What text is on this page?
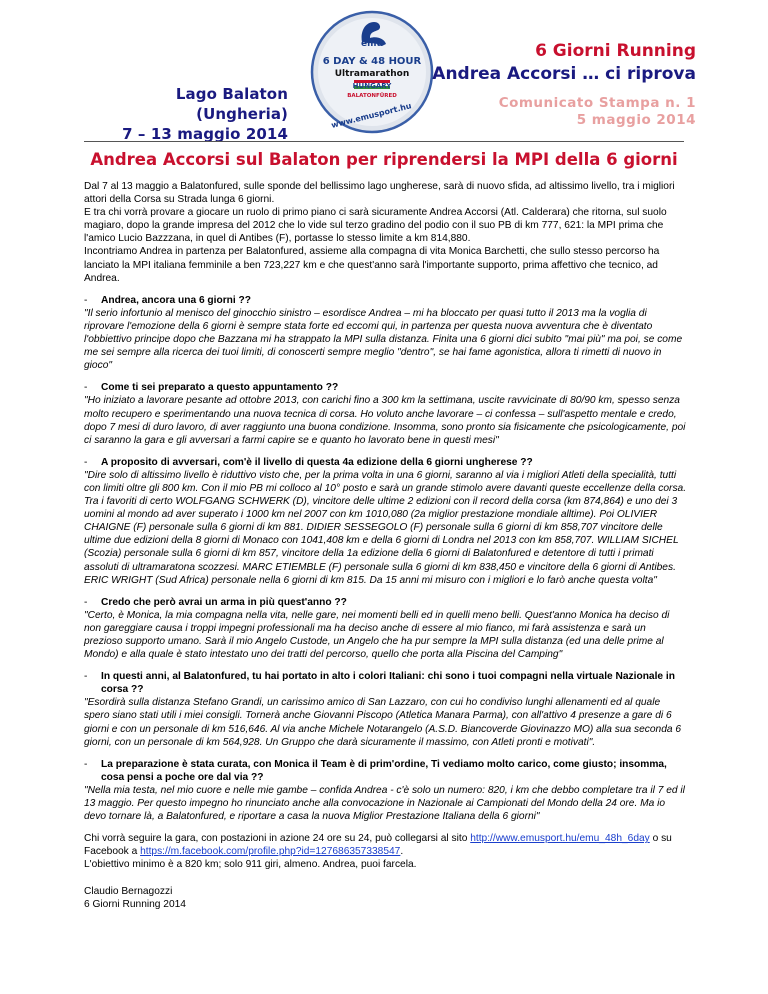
Lago Balaton (Ungheria)
7 – 13 maggio 2014
emu
6 DAY & 48 HOUR
Ultramarathon
HUNGARY
BALATONFÜRED
www.emusport.hu
6 Giorni Running
Andrea Accorsi … ci riprova
Comunicato Stampa n. 1
5 maggio 2014
Andrea Accorsi sul Balaton per riprendersi la MPI della 6 giorni

Dal 7 al 13 maggio a Balatonfured, sulle sponde del bellissimo lago ungherese, sarà di nuovo sfida, ad altissimo livello, tra i migliori attori della Corsa su Strada lunga 6 giorni.

E tra chi vorrà provare a giocare un ruolo di primo piano ci sarà sicuramente Andrea Accorsi (Atl. Calderara) che ritorna, sul suolo magiaro, dopo la grande impresa del 2012 che lo vide sul terzo gradino del podio con il suo PB di km 777, 621: la MPI prima che l'amico Lucio Bazzzana, in quel di Antibes (F), portasse lo stesso limite a km 814,880.

Incontriamo Andrea in partenza per Balatonfured, assieme alla compagna di vita Monica Barchetti, che sullo stesso percorso ha lanciato la MPI italiana femminile a ben 723,227 km e che quest'anno sarà l'importante supporto, prima affettivo che tecnico, ad Andrea.

- Andrea, ancora una 6 giorni ??
"Il serio infortunio al menisco del ginocchio sinistro – esordisce Andrea – mi ha bloccato per quasi tutto il 2013 ma la voglia di riprovare l'emozione della 6 giorni è sempre stata forte ed eccomi qui, in partenza per questa nuova avventura che è diventato l'obbiettivo principe dopo che Bazzana mi ha strappato la MPI sulla distanza. Finita una 6 giorni dici subito "mai più" ma poi, se come me sei sempre alla ricerca dei tuoi limiti, di conoscerti sempre meglio "dentro", se hai fame agonistica, allora ti rimetti di nuovo in gioco"
- Come ti sei preparato a questo appuntamento ??
"Ho iniziato a lavorare pesante ad ottobre 2013, con carichi fino a 300 km la settimana, uscite ravvicinate di 80/90 km, spesso senza molto recupero e sperimentando una nuova tecnica di corsa. Ho voluto anche lavorare – ci confessa – sull'aspetto mentale e credo, dopo 7 mesi di duro lavoro, di aver raggiunto una buona condizione. Insomma, sono pronto sia fisicamente che psicologicamente, poi ci saranno la gara e gli avversari a farmi capire se e quanto ho lavorato bene in questi mesi"
- A proposito di avversari, com'è il livello di questa 4a edizione della 6 giorni ungherese ??
"Dire solo di altissimo livello è riduttivo visto che, per la prima volta in una 6 giorni, saranno al via i migliori Atleti della specialità, tutti con limiti oltre gli 800 km. Con il mio PB mi colloco al 10° posto e sarà un grande stimolo avere davanti queste eccellenze della corsa. Tra i favoriti di certo WOLFGANG SCHWERK (D), vincitore delle ultime 2 edizioni con il record della corsa (km 874,864) e uno dei 3 uomini al mondo ad aver superato i 1000 km nel 2007 con km 1010,080 (2a miglior prestazione mondiale alltime). Poi OLIVIER CHAIGNE (F) personale sulla 6 giorni di km 881. DIDIER SESSEGOLO (F) personale sulla 6 giorni di km 858,707 vincitore delle ultime due edizioni della 8 giorni di Monaco con 1041,408 km e della 6 giorni di Londra nel 2013 con km 858,707. WILLIAM SICHEL (Scozia) personale sulla 6 giorni di km 857, vincitore della 1a edizione della 6 giorni di Balatonfured e detentore di tutti i primati assoluti di ultramaratona scozzesi. MARC ETIEMBLE (F) personale sulla 6 giorni di km 838,450 e vincitore della 6 giorni di Antibes. ERIC WRIGHT (Sud Africa) personale nella 6 giorni di km 815. Da 15 anni mi misuro con i migliori e lo farò anche questa volta"
- Credo che però avrai un arma in più quest'anno ??
"Certo, è Monica, la mia compagna nella vita, nelle gare, nei momenti belli ed in quelli meno belli. Quest'anno Monica ha deciso di non gareggiare causa i troppi impegni professionali ma ha deciso anche di essere al mio fianco, mi farà assistenza e sarà un prezioso supporto umano. Sarà il mio Angelo Custode, un Angelo che ha pur sempre la MPI sulla distanza (ed una delle prime al Mondo) e alla quale è stato intestato uno dei tratti del percorso, quello che porta alla Piscina del Camping"
- In questi anni, al Balatonfured, tu hai portato in alto i colori Italiani: chi sono i tuoi compagni nella virtuale Nazionale in corsa ??
"Esordirà sulla distanza Stefano Grandi, un carissimo amico di San Lazzaro, con cui ho condiviso lunghi allenamenti ed al quale spero siano stati utili i miei consigli. Tornerà anche Giovanni Piscopo (Atletica Manara Parma), con all'attivo 4 presenze a gare di 6 giorni e con un personale di km 516,646. Al via anche Michele Notarangelo (A.S.D. Biancoverde Giovinazzo MO) alla sua seconda 6 giorni, con un personale di km 564,928. Un Gruppo che darà sicuramente il massimo, con Atleti pronti e motivati".
- La preparazione è stata curata, con Monica il Team è di prim'ordine, Ti vediamo molto carico, come giusto; insomma, cosa pensi a poche ore dal via ??
"Nella mia testa, nel mio cuore e nelle mie gambe – confida Andrea - c'è solo un numero: 820, i km che debbo completare tra il 7 ed il 13 maggio. Per questo impegno ho rinunciato anche alla convocazione in Nazionale ai Campionati del Mondo della 24 ore. Ma io devo tornare là, a Balatonfured, e riportare a casa la nuova Miglior Prestazione Italiana della 6 giorni"

Chi vorrà seguire la gara, con postazioni in azione 24 ore su 24, può collegarsi al sito http://www.emusport.hu/emu_48h_6day o su Facebook a https://m.facebook.com/profile.php?id=127686357338547.

L'obiettivo minimo è a 820 km; solo 911 giri, almeno. Andrea, puoi farcela.

Claudio Bernagozzi
6 Giorni Running 2014
